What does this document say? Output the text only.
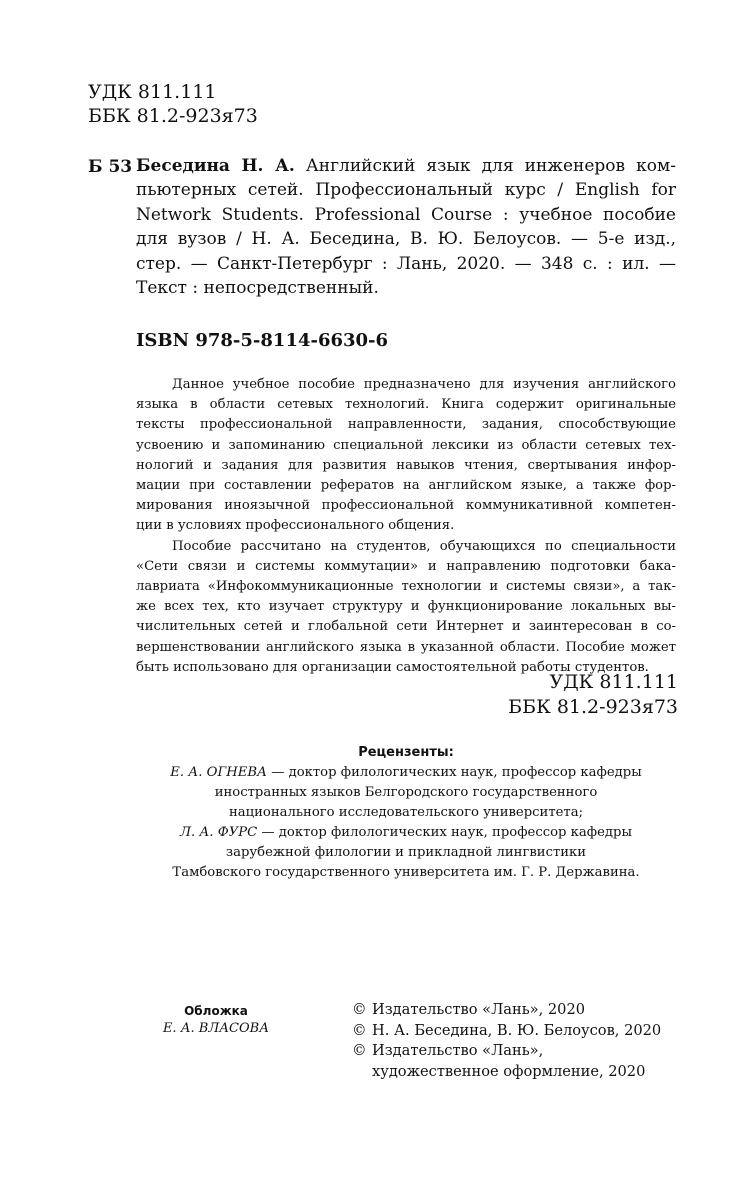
УДК 811.111
ББК 81.2-923я73
Б 53 Беседина Н. А. Английский язык для инженеров ком-
пьютерных сетей. Профессиональный курс / English for
Network Students. Professional Course : учебное пособие
для вузов / Н. А. Беседина, В. Ю. Белоусов. — 5-е изд.,
стер. — Санкт-Петербург : Лань, 2020. — 348 с. : ил. —
Текст : непосредственный.
ISBN 978-5-8114-6630-6
Данное учебное пособие предназначено для изучения английского
языка в области сетевых технологий. Книга содержит оригинальные
тексты профессиональной направленности, задания, способствующие
усвоению и запоминанию специальной лексики из области сетевых тех-
нологий и задания для развития навыков чтения, свертывания инфор-
мации при составлении рефератов на английском языке, а также фор-
мирования иноязычной профессиональной коммуникативной компетен-
ции в условиях профессионального общения.
Пособие рассчитано на студентов, обучающихся по специальности
«Сети связи и системы коммутации» и направлению подготовки бака-
лавриата «Инфокоммуникационные технологии и системы связи», а так-
же всех тех, кто изучает структуру и функционирование локальных вы-
числительных сетей и глобальной сети Интернет и заинтересован в со-
вершенствовании английского языка в указанной области. Пособие может
быть использовано для организации самостоятельной работы студентов.
УДК 811.111
ББК 81.2-923я73
Рецензенты:
Е. А. ОГНЕВА — доктор филологических наук, профессор кафедры
иностранных языков Белгородского государственного
национального исследовательского университета;
Л. А. ФУРС — доктор филологических наук, профессор кафедры
зарубежной филологии и прикладной лингвистики
Тамбовского государственного университета им. Г. Р. Державина.
Обложка
Е. А. ВЛАСОВА
© Издательство «Лань», 2020
© Н. А. Беседина, В. Ю. Белоусов, 2020
© Издательство «Лань»,
художественное оформление, 2020
